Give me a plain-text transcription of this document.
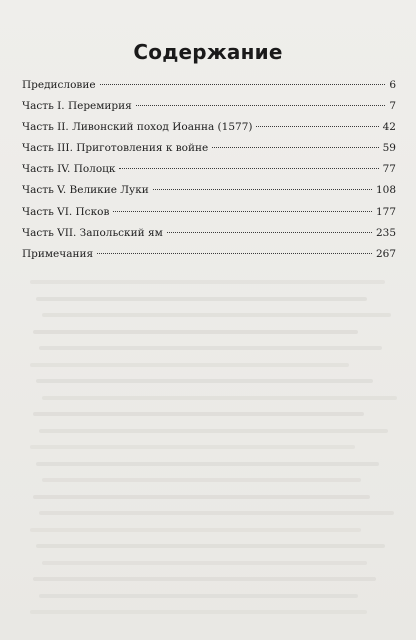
Содержание
Предисловие	6
Часть I. Перемирия	7
Часть II. Ливонский поход Иоанна (1577)	42
Часть III. Приготовления к войне	59
Часть IV. Полоцк	77
Часть V. Великие Луки	108
Часть VI. Псков	177
Часть VII. Запольский ям	235
Примечания	267
